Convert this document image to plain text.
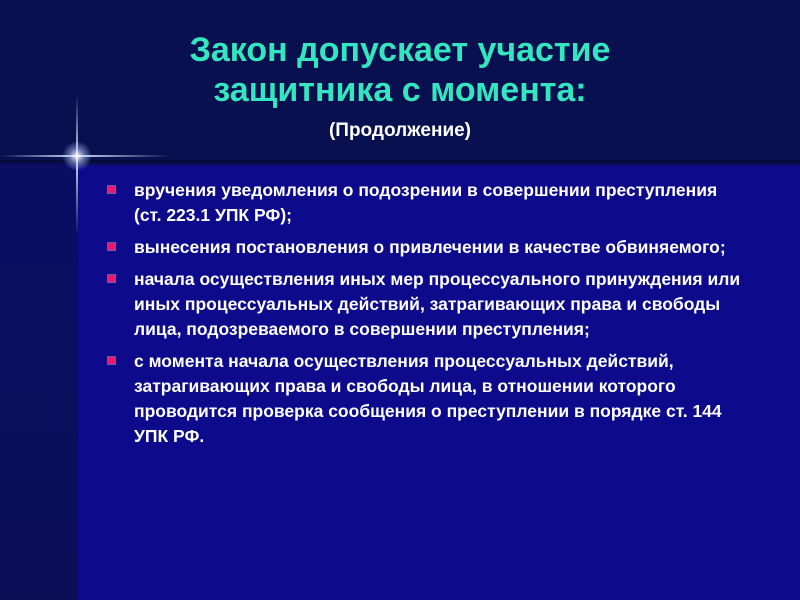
Закон допускает участие
защитника с момента:
(Продолжение)
вручения уведомления о подозрении в совершении преступления (ст. 223.1 УПК РФ);
вынесения постановления о привлечении в качестве обвиняемого;
начала осуществления иных мер процессуального принуждения или иных процессуальных действий, затрагивающих права и свободы лица, подозреваемого в совершении преступления;
с момента начала осуществления процессуальных действий, затрагивающих права и свободы лица, в отношении которого проводится проверка сообщения о преступлении в порядке ст. 144 УПК РФ.
